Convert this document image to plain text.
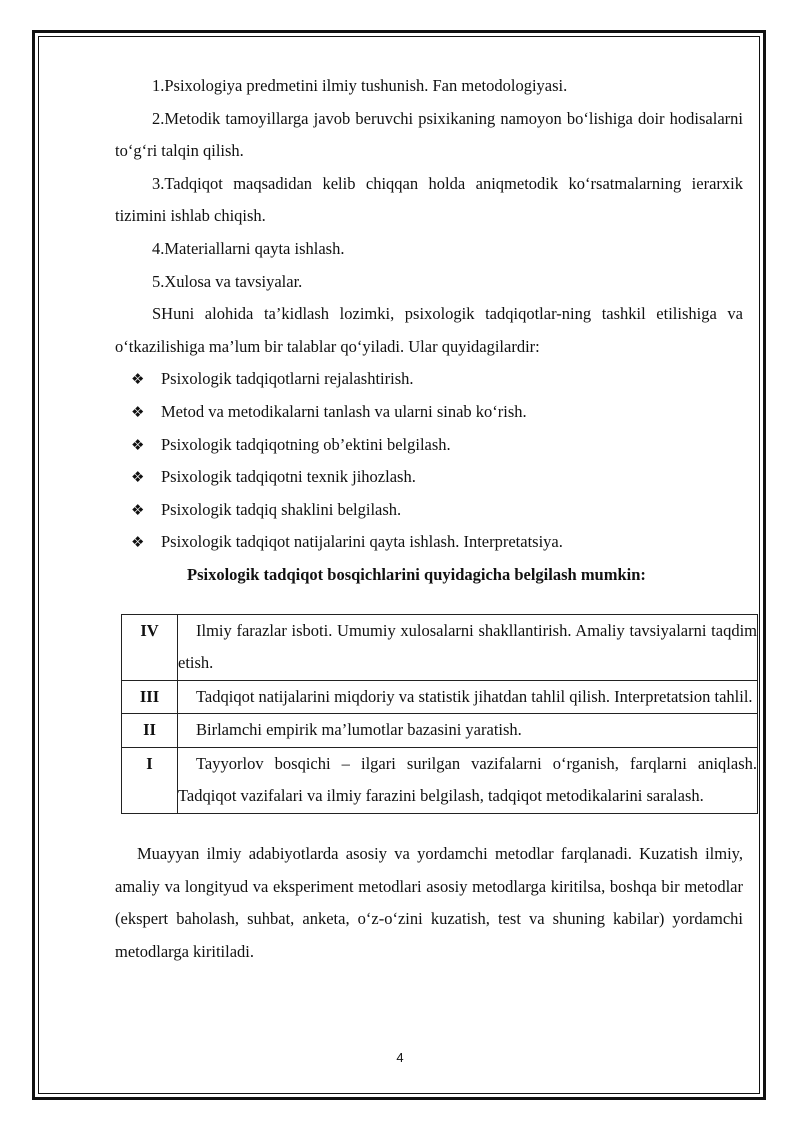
1.Psixologiya predmetini ilmiy tushunish. Fan metodologiyasi.

2.Metodik tamoyillarga javob beruvchi psixikaning namoyon bo‘lishiga doir hodisalarni to‘g‘ri talqin qilish.

3.Tadqiqot maqsadidan kelib chiqqan holda aniqmetodik ko‘rsatmalarning ierarxik tizimini ishlab chiqish.

4.Materiallarni qayta ishlash.

5.Xulosa va tavsiyalar.

SHuni alohida ta’kidlash lozimki, psixologik tadqiqotlar-ning tashkil etilishiga va o‘tkazilishiga ma’lum bir talablar qo‘yiladi. Ular quyidagilardir:

❖	Psixologik tadqiqotlarni rejalashtirish.
❖	Metod va metodikalarni tanlash va ularni sinab ko‘rish.
❖	Psixologik tadqiqotning ob’ektini belgilash.
❖	Psixologik tadqiqotni texnik jihozlash.
❖	Psixologik tadqiq shaklini belgilash.
❖	Psixologik tadqiqot natijalarini qayta ishlash. Interpretatsiya.

Psixologik tadqiqot bosqichlarini quyidagicha belgilash mumkin:

IV	Ilmiy farazlar isboti. Umumiy xulosalarni shakllantirish. Amaliy tavsiyalarni taqdim etish.

III	Tadqiqot natijalarini miqdoriy va statistik jihatdan tahlil qilish. Interpretatsion tahlil.

II	Birlamchi empirik ma’lumotlar bazasini yaratish.

I	Tayyorlov bosqichi – ilgari surilgan vazifalarni o‘rganish, farqlarni aniqlash. Tadqiqot vazifalari va ilmiy farazini belgilash, tadqiqot metodikalarini saralash.

Muayyan ilmiy adabiyotlarda asosiy va yordamchi metodlar farqlanadi. Kuzatish ilmiy, amaliy va longityud va eksperiment metodlari asosiy metodlarga kiritilsa, boshqa bir metodlar (ekspert baholash, suhbat, anketa, o‘z-o‘zini kuzatish, test va shuning kabilar) yordamchi metodlarga kiritiladi.

4
